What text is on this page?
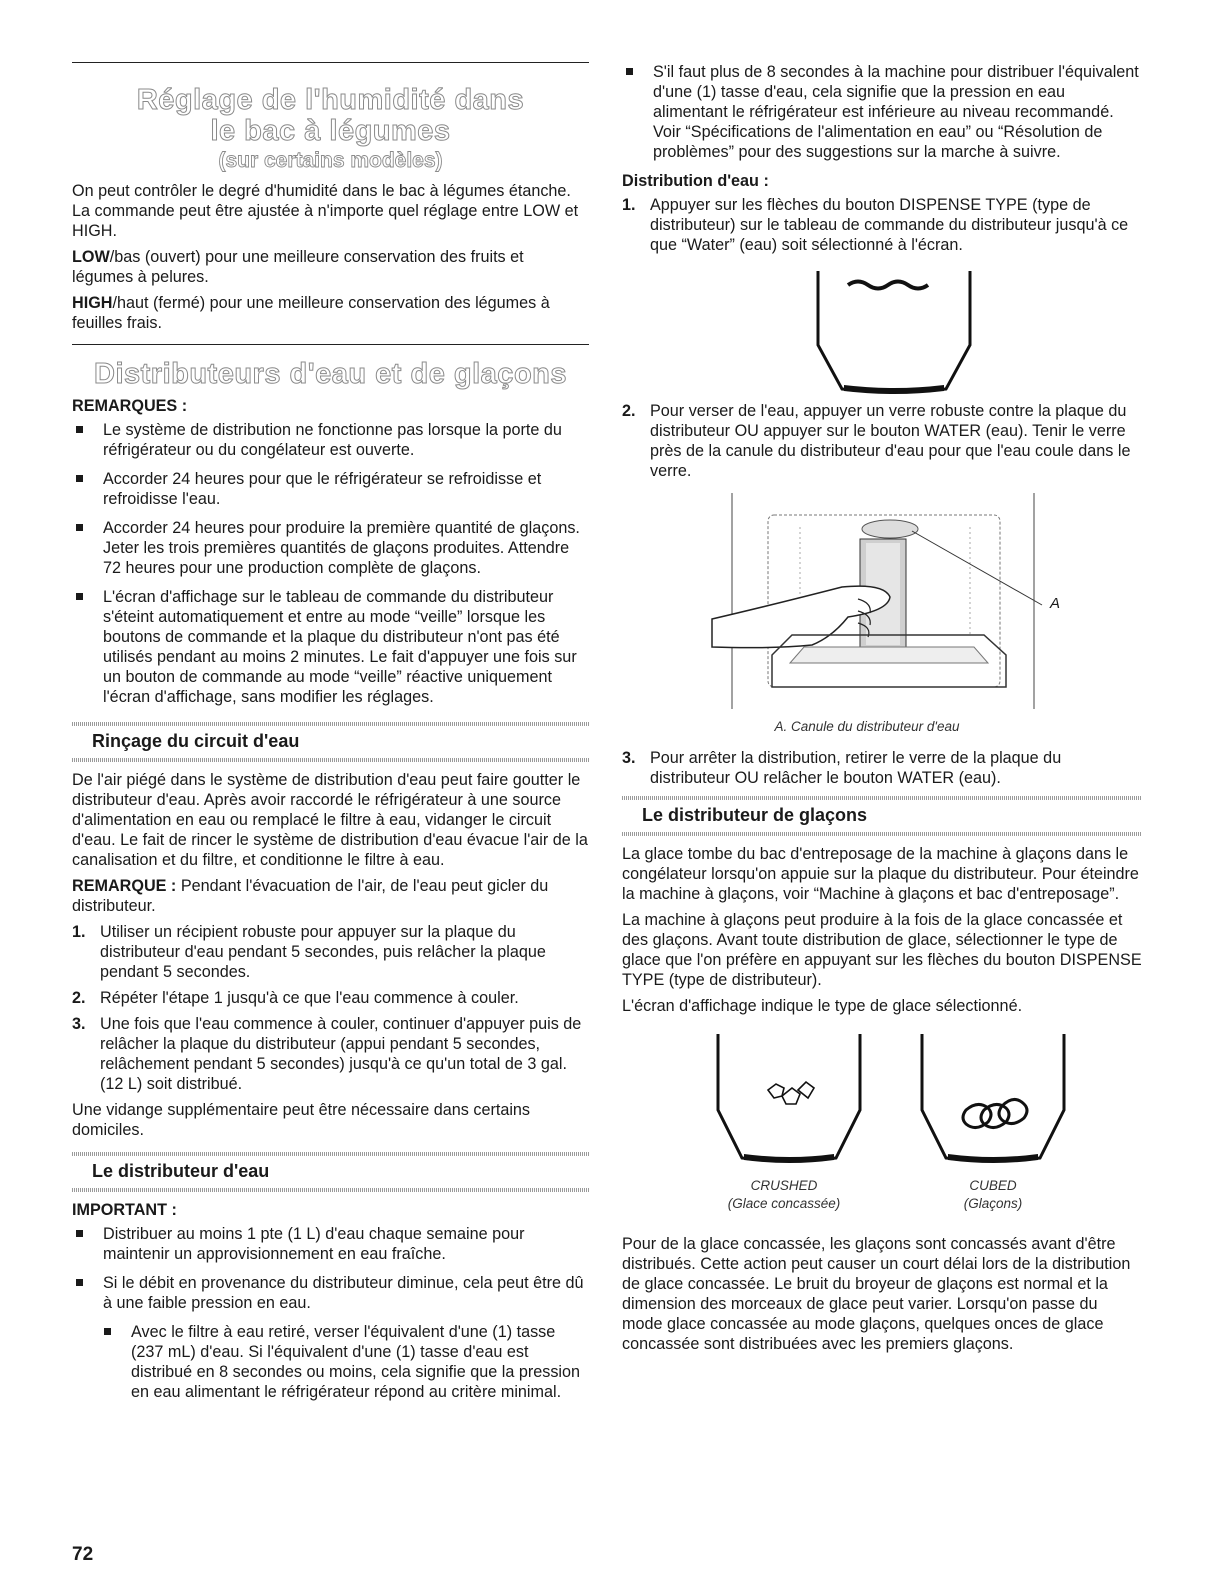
Réglage de l'humidité dans
le bac à légumes
(sur certains modèles)

On peut contrôler le degré d'humidité dans le bac à légumes étanche. La commande peut être ajustée à n'importe quel réglage entre LOW et HIGH.

LOW/bas (ouvert) pour une meilleure conservation des fruits et légumes à pelures.

HIGH/haut (fermé) pour une meilleure conservation des légumes à feuilles frais.

Distributeurs d'eau et de glaçons
REMARQUES :
Le système de distribution ne fonctionne pas lorsque la porte du réfrigérateur ou du congélateur est ouverte.
Accorder 24 heures pour que le réfrigérateur se refroidisse et refroidisse l'eau.
Accorder 24 heures pour produire la première quantité de glaçons. Jeter les trois premières quantités de glaçons produites. Attendre 72 heures pour une production complète de glaçons.
L'écran d'affichage sur le tableau de commande du distributeur s'éteint automatiquement et entre au mode “veille” lorsque les boutons de commande et la plaque du distributeur n'ont pas été utilisés pendant au moins 2 minutes. Le fait d'appuyer une fois sur un bouton de commande au mode “veille” réactive uniquement l'écran d'affichage, sans modifier les réglages.
Rinçage du circuit d'eau

De l'air piégé dans le système de distribution d'eau peut faire goutter le distributeur d'eau. Après avoir raccordé le réfrigérateur à une source d'alimentation en eau ou remplacé le filtre à eau, vidanger le circuit d'eau. Le fait de rincer le système de distribution d'eau évacue l'air de la canalisation et du filtre, et conditionne le filtre à eau.

REMARQUE : Pendant l'évacuation de l'air, de l'eau peut gicler du distributeur.

1. Utiliser un récipient robuste pour appuyer sur la plaque du distributeur d'eau pendant 5 secondes, puis relâcher la plaque pendant 5 secondes.
2. Répéter l'étape 1 jusqu'à ce que l'eau commence à couler.
3. Une fois que l'eau commence à couler, continuer d'appuyer puis de relâcher la plaque du distributeur (appui pendant 5 secondes, relâchement pendant 5 secondes) jusqu'à ce qu'un total de 3 gal. (12 L) soit distribué.

Une vidange supplémentaire peut être nécessaire dans certains domiciles.

Le distributeur d'eau
IMPORTANT :
Distribuer au moins 1 pte (1 L) d'eau chaque semaine pour maintenir un approvisionnement en eau fraîche.
Si le débit en provenance du distributeur diminue, cela peut être dû à une faible pression en eau.
Avec le filtre à eau retiré, verser l'équivalent d'une (1) tasse (237 mL) d'eau. Si l'équivalent d'une (1) tasse d'eau est distribué en 8 secondes ou moins, cela signifie que la pression en eau alimentant le réfrigérateur répond au critère minimal.
S'il faut plus de 8 secondes à la machine pour distribuer l'équivalent d'une (1) tasse d'eau, cela signifie que la pression en eau alimentant le réfrigérateur est inférieure au niveau recommandé. Voir “Spécifications de l'alimentation en eau” ou “Résolution de problèmes” pour des suggestions sur la marche à suivre.
Distribution d'eau :
1. Appuyer sur les flèches du bouton DISPENSE TYPE (type de distributeur) sur le tableau de commande du distributeur jusqu'à ce que “Water” (eau) soit sélectionné à l'écran.
2. Pour verser de l'eau, appuyer un verre robuste contre la plaque du distributeur OU appuyer sur le bouton WATER (eau). Tenir le verre près de la canule du distributeur d'eau pour que l'eau coule dans le verre.
A
A. Canule du distributeur d'eau
3. Pour arrêter la distribution, retirer le verre de la plaque du distributeur OU relâcher le bouton WATER (eau).
Le distributeur de glaçons

La glace tombe du bac d'entreposage de la machine à glaçons dans le congélateur lorsqu'on appuie sur la plaque du distributeur. Pour éteindre la machine à glaçons, voir “Machine à glaçons et bac d'entreposage”.

La machine à glaçons peut produire à la fois de la glace concassée et des glaçons. Avant toute distribution de glace, sélectionner le type de glace que l'on préfère en appuyant sur les flèches du bouton DISPENSE TYPE (type de distributeur).

L'écran d'affichage indique le type de glace sélectionné.

CRUSHED
(Glace concassée)
CUBED
(Glaçons)

Pour de la glace concassée, les glaçons sont concassés avant d'être distribués. Cette action peut causer un court délai lors de la distribution de glace concassée. Le bruit du broyeur de glaçons est normal et la dimension des morceaux de glace peut varier. Lorsqu'on passe du mode glace concassée au mode glaçons, quelques onces de glace concassée sont distribuées avec les premiers glaçons.

72
